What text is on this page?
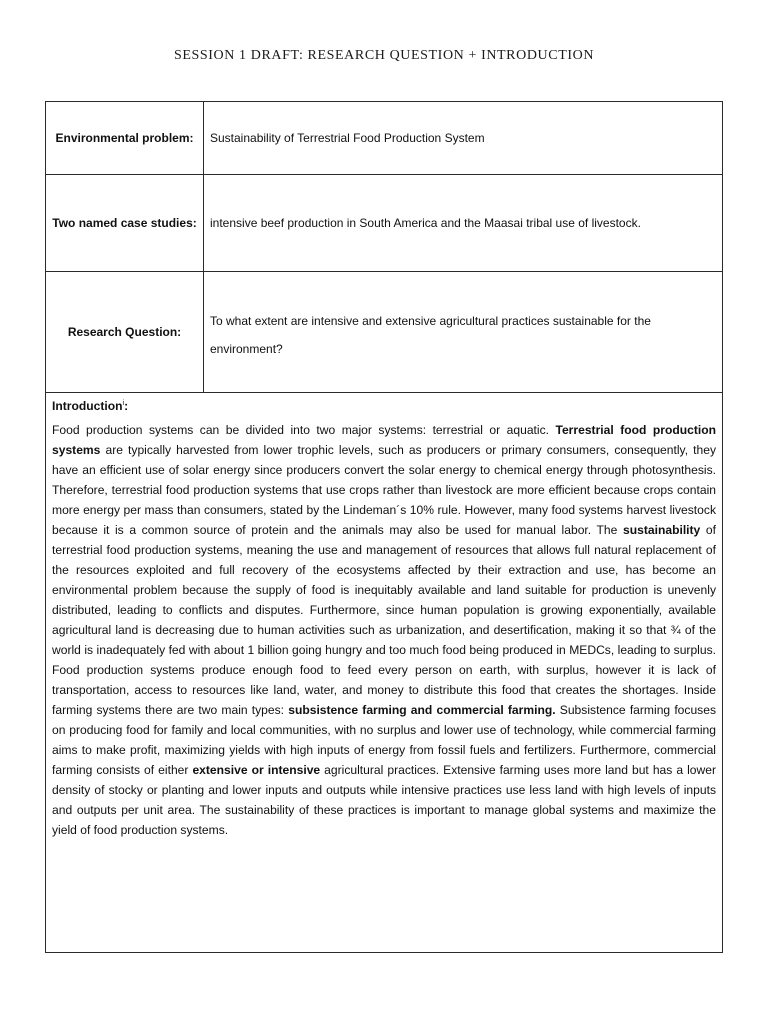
SESSION 1 DRAFT: RESEARCH QUESTION + INTRODUCTION
Environmental problem:	Sustainability of Terrestrial Food Production System
Two named case studies:	intensive beef production in South America and the Maasai tribal use of livestock.
Research Question:
To what extent are intensive and extensive agricultural practices sustainable for the environment?
Introduction$^i$:

Food production systems can be divided into two major systems: terrestrial or aquatic. Terrestrial food production systems are typically harvested from lower trophic levels, such as producers or primary consumers, consequently, they have an efficient use of solar energy since producers convert the solar energy to chemical energy through photosynthesis. Therefore, terrestrial food production systems that use crops rather than livestock are more efficient because crops contain more energy per mass than consumers, stated by the Lindeman´s 10% rule. However, many food systems harvest livestock because it is a common source of protein and the animals may also be used for manual labor. The sustainability of terrestrial food production systems, meaning the use and management of resources that allows full natural replacement of the resources exploited and full recovery of the ecosystems affected by their extraction and use, has become an environmental problem because the supply of food is inequitably available and land suitable for production is unevenly distributed, leading to conflicts and disputes. Furthermore, since human population is growing exponentially, available agricultural land is decreasing due to human activities such as urbanization, and desertification, making it so that ¾ of the world is inadequately fed with about 1 billion going hungry and too much food being produced in MEDCs, leading to surplus. Food production systems produce enough food to feed every person on earth, with surplus, however it is lack of transportation, access to resources like land, water, and money to distribute this food that creates the shortages. Inside farming systems there are two main types: subsistence farming and commercial farming. Subsistence farming focuses on producing food for family and local communities, with no surplus and lower use of technology, while commercial farming aims to make profit, maximizing yields with high inputs of energy from fossil fuels and fertilizers. Furthermore, commercial farming consists of either extensive or intensive agricultural practices. Extensive farming uses more land but has a lower density of stocky or planting and lower inputs and outputs while intensive practices use less land with high levels of inputs and outputs per unit area. The sustainability of these practices is important to manage global systems and maximize the yield of food production systems.
